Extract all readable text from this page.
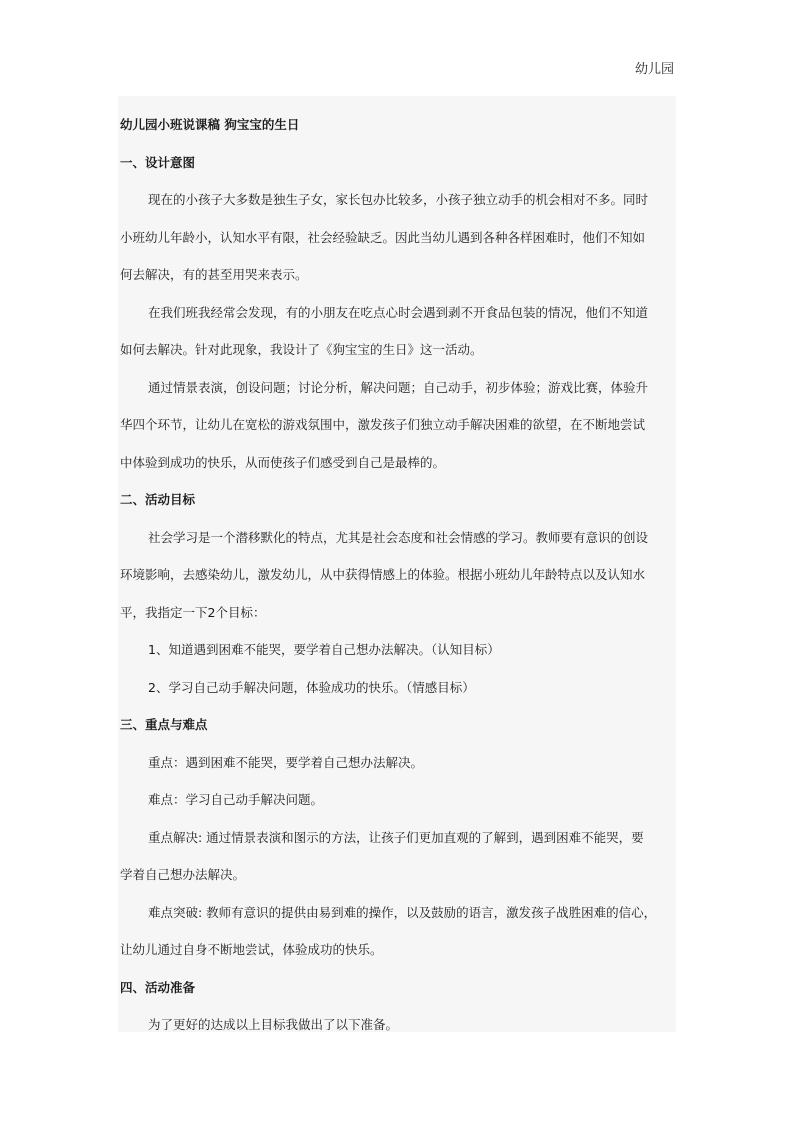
幼儿园
幼儿园小班说课稿 狗宝宝的生日
一、设计意图
现在的小孩子大多数是独生子女，家长包办比较多，小孩子独立动手的机会相对不多。同时
小班幼儿年龄小，认知水平有限，社会经验缺乏。因此当幼儿遇到各种各样困难时，他们不知如
何去解决，有的甚至用哭来表示。
在我们班我经常会发现，有的小朋友在吃点心时会遇到剥不开食品包装的情况，他们不知道
如何去解决。针对此现象，我设计了《狗宝宝的生日》这一活动。
通过情景表演，创设问题；讨论分析，解决问题；自己动手，初步体验；游戏比赛，体验升
华四个环节，让幼儿在宽松的游戏氛围中，激发孩子们独立动手解决困难的欲望，在不断地尝试
中体验到成功的快乐，从而使孩子们感受到自己是最棒的。
二、活动目标
社会学习是一个潜移默化的特点，尤其是社会态度和社会情感的学习。教师要有意识的创设
环境影响，去感染幼儿，激发幼儿，从中获得情感上的体验。根据小班幼儿年龄特点以及认知水
平，我指定一下2个目标：
1、知道遇到困难不能哭，要学着自己想办法解决。（认知目标）
2、学习自己动手解决问题，体验成功的快乐。（情感目标）
三、重点与难点
重点：遇到困难不能哭，要学着自己想办法解决。
难点：学习自己动手解决问题。
重点解决: 通过情景表演和图示的方法，让孩子们更加直观的了解到，遇到困难不能哭，要
学着自己想办法解决。
难点突破: 教师有意识的提供由易到难的操作，以及鼓励的语言，激发孩子战胜困难的信心，
让幼儿通过自身不断地尝试，体验成功的快乐。
四、活动准备
为了更好的达成以上目标我做出了以下准备。
